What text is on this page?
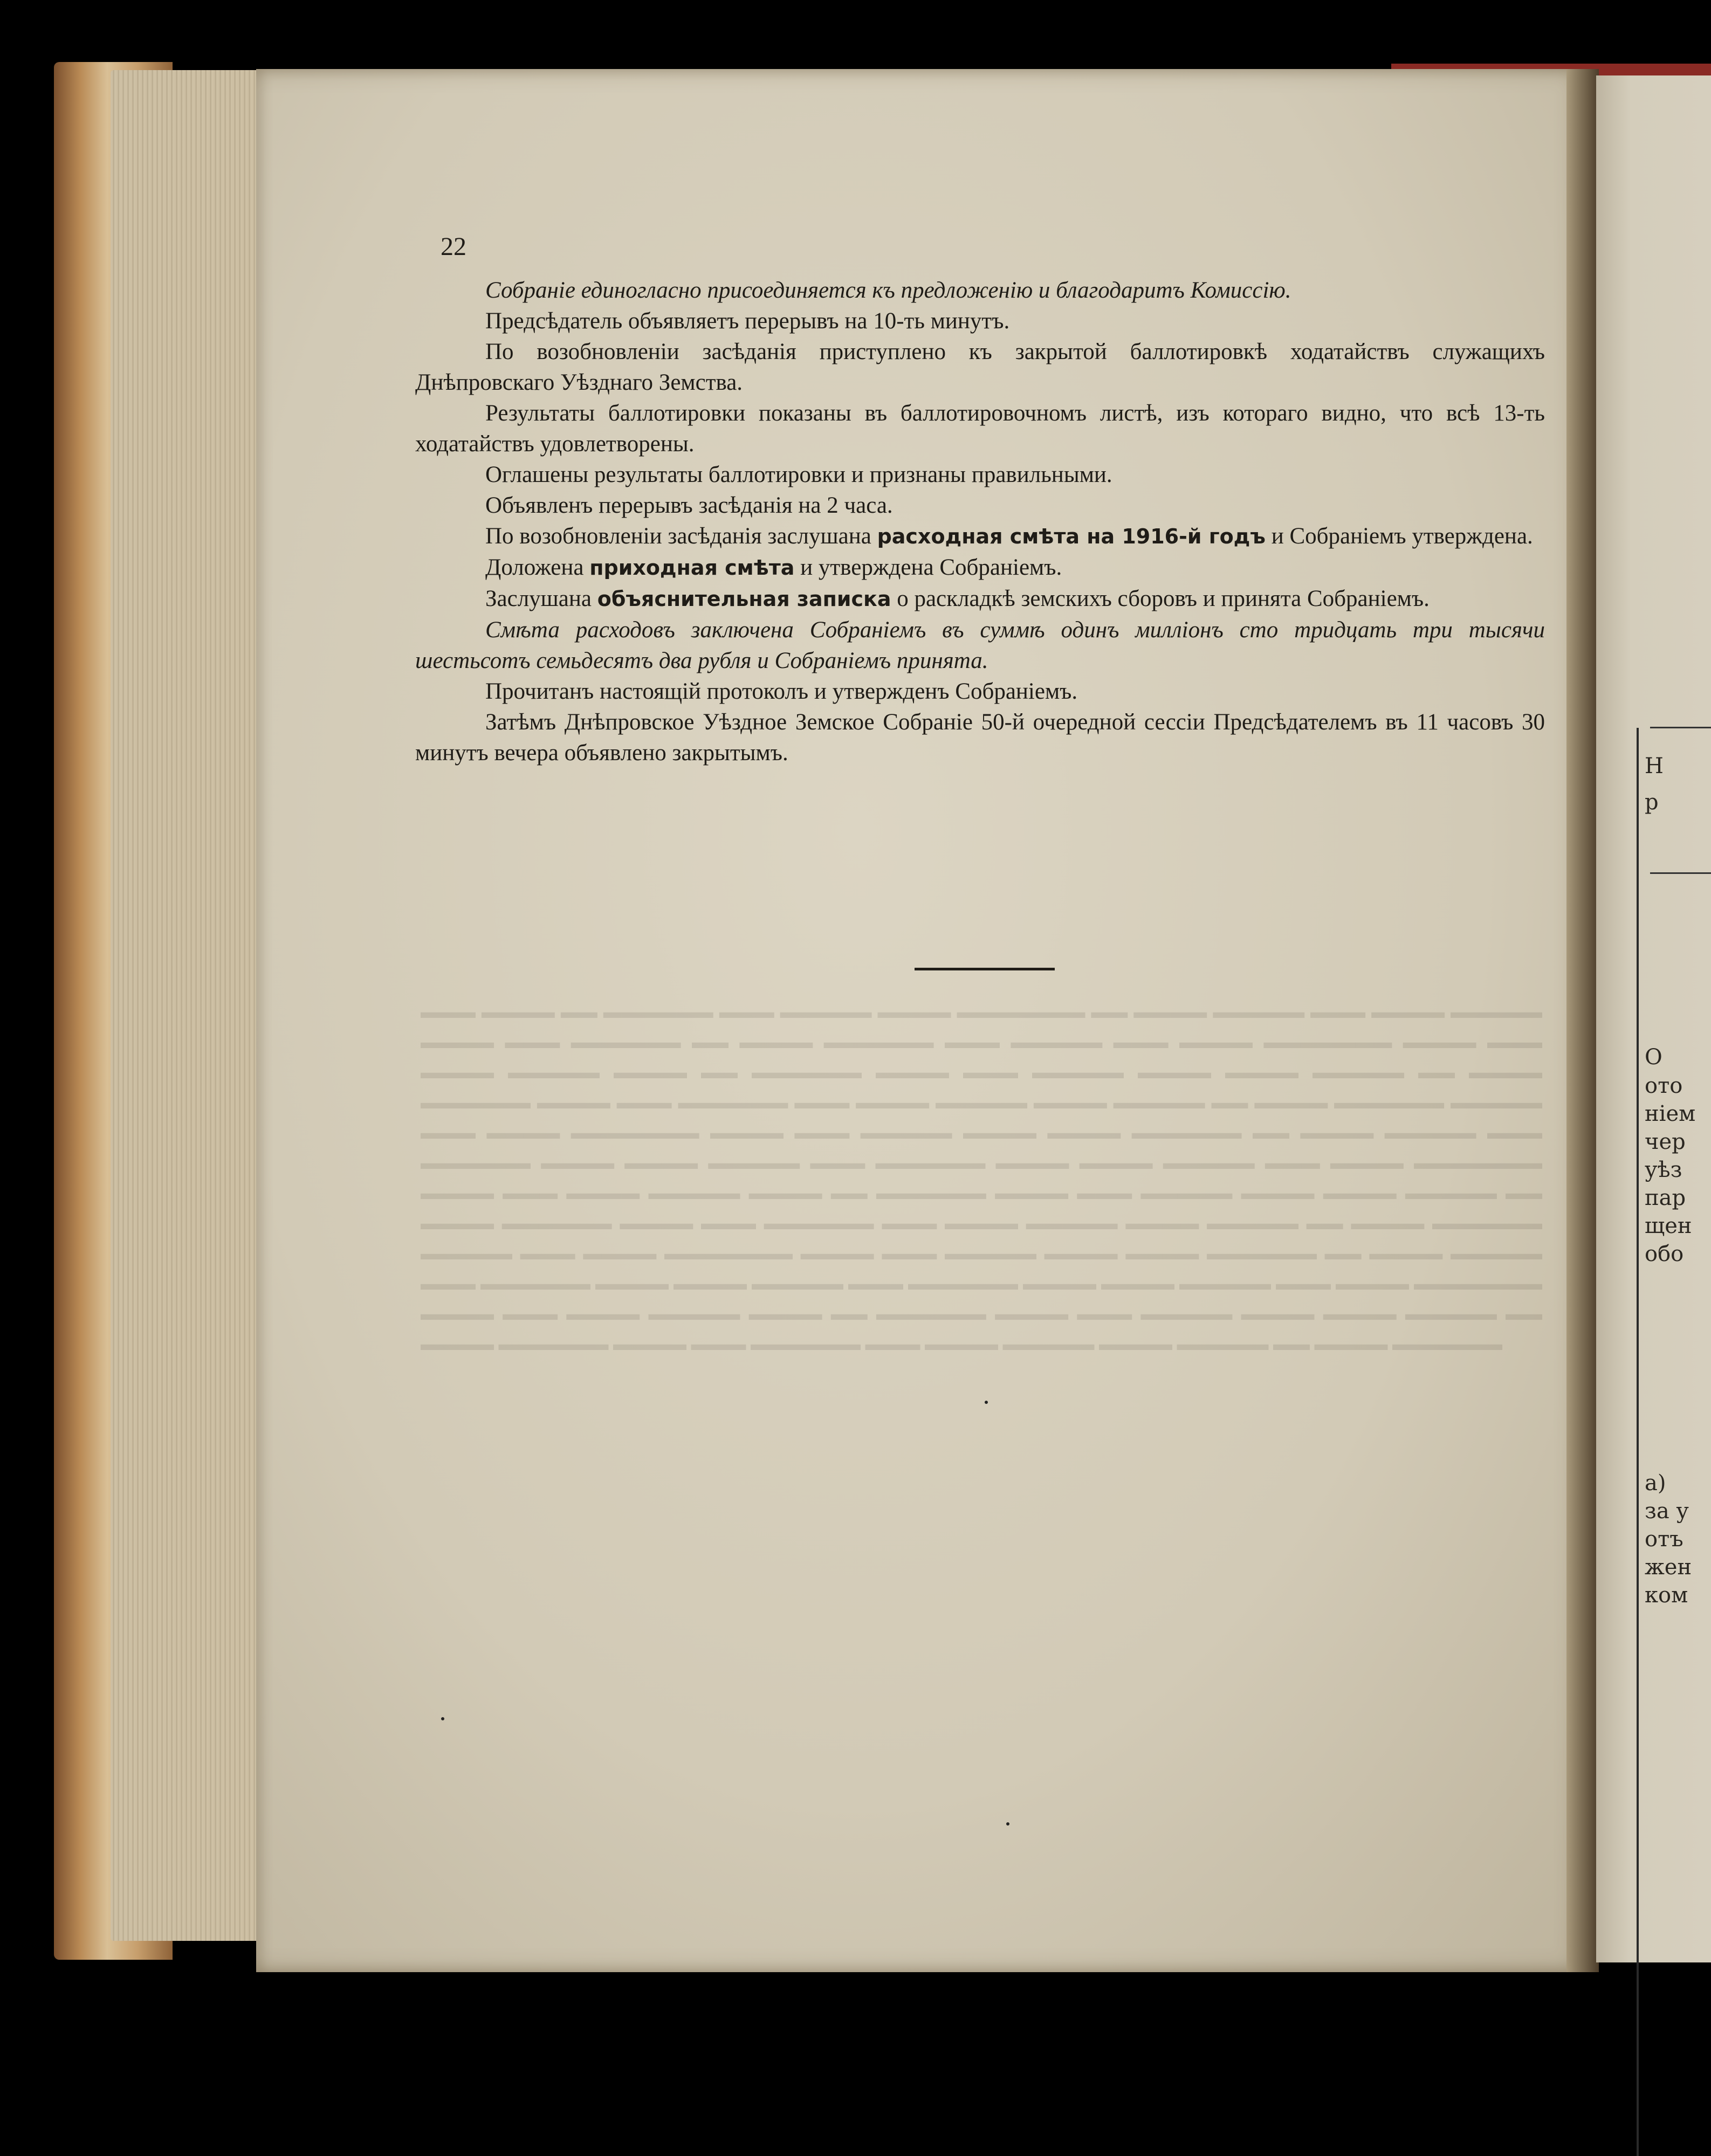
▬▬▬ ▬▬▬▬ ▬▬ ▬▬▬▬▬▬ ▬▬▬ ▬▬▬▬▬ ▬▬▬▬ ▬▬▬▬▬▬▬ ▬▬ ▬▬▬▬ ▬▬▬▬▬ ▬▬▬ ▬▬▬▬ ▬▬▬▬▬ ▬▬▬▬ ▬▬▬ ▬▬▬▬▬▬ ▬▬ ▬▬▬▬ ▬▬▬▬▬▬ ▬▬▬ ▬▬▬▬▬ ▬▬▬ ▬▬▬▬ ▬▬▬▬▬▬▬ ▬▬▬▬ ▬▬▬ ▬▬▬▬ ▬▬▬▬▬ ▬▬▬▬ ▬▬ ▬▬▬▬▬▬ ▬▬▬▬ ▬▬▬ ▬▬▬▬▬ ▬▬▬▬ ▬▬▬▬ ▬▬▬▬▬ ▬▬ ▬▬▬▬ ▬▬▬▬▬▬ ▬▬▬▬ ▬▬▬ ▬▬▬▬▬▬ ▬▬▬ ▬▬▬▬ ▬▬▬▬▬ ▬▬▬▬ ▬▬▬▬▬ ▬▬ ▬▬▬▬ ▬▬▬▬▬▬ ▬▬▬▬▬ ▬▬▬ ▬▬▬▬ ▬▬▬▬▬▬▬ ▬▬▬▬ ▬▬▬ ▬▬▬▬▬ ▬▬▬▬ ▬▬▬▬ ▬▬▬▬▬▬ ▬▬ ▬▬▬▬ ▬▬▬▬▬ ▬▬▬ ▬▬▬▬▬▬ ▬▬▬▬ ▬▬▬▬ ▬▬▬▬▬ ▬▬▬ ▬▬▬▬▬▬ ▬▬▬▬ ▬▬▬▬ ▬▬▬▬▬ ▬▬▬ ▬▬▬▬ ▬▬▬▬▬▬▬ ▬▬▬▬ ▬▬▬ ▬▬▬▬ ▬▬▬▬▬ ▬▬▬▬ ▬▬ ▬▬▬▬▬▬ ▬▬▬▬ ▬▬▬ ▬▬▬▬▬ ▬▬▬▬ ▬▬▬▬ ▬▬▬▬▬ ▬▬ ▬▬▬▬ ▬▬▬▬▬▬ ▬▬▬▬ ▬▬▬ ▬▬▬▬▬▬ ▬▬▬ ▬▬▬▬ ▬▬▬▬▬ ▬▬▬▬ ▬▬▬▬▬ ▬▬ ▬▬▬▬ ▬▬▬▬▬▬ ▬▬▬▬▬ ▬▬▬ ▬▬▬▬ ▬▬▬▬▬▬▬ ▬▬▬▬ ▬▬▬ ▬▬▬▬▬ ▬▬▬▬ ▬▬▬▬ ▬▬▬▬▬▬ ▬▬ ▬▬▬▬ ▬▬▬▬▬ ▬▬▬ ▬▬▬▬▬▬ ▬▬▬▬ ▬▬▬▬ ▬▬▬▬▬ ▬▬▬ ▬▬▬▬▬▬ ▬▬▬▬ ▬▬▬▬ ▬▬▬▬▬ ▬▬▬ ▬▬▬▬ ▬▬▬▬▬▬▬ ▬▬▬▬ ▬▬▬ ▬▬▬▬ ▬▬▬▬▬ ▬▬▬▬ ▬▬ ▬▬▬▬▬▬ ▬▬▬▬ ▬▬▬ ▬▬▬▬▬ ▬▬▬▬ ▬▬▬▬ ▬▬▬▬▬ ▬▬ ▬▬▬▬ ▬▬▬▬▬▬ ▬▬▬▬ ▬▬▬ ▬▬▬▬▬▬ ▬▬▬ ▬▬▬▬ ▬▬▬▬▬ ▬▬▬▬ ▬▬▬▬▬ ▬▬ ▬▬▬▬ ▬▬▬▬▬▬
22

Собраніе единогласно присоединяется къ предложенію и благодаритъ Комиссію.

Предсѣдатель объявляетъ перерывъ на 10-ть минутъ.

По возобновленіи засѣданія приступлено къ закрытой баллотировкѣ ходатайствъ служащихъ Днѣпровскаго Уѣзднаго Земства.

Результаты баллотировки показаны въ баллотировочномъ листѣ, изъ котораго видно, что всѣ 13-ть ходатайствъ удовлетворены.

Оглашены результаты баллотировки и признаны правильными.

Объявленъ перерывъ засѣданія на 2 часа.

По возобновленіи засѣданія заслушана расходная смѣта на 1916-й годъ и Собраніемъ утверждена.

Доложена приходная смѣта и утверждена Собраніемъ.

Заслушана объяснительная записка о раскладкѣ земскихъ сборовъ и принята Собраніемъ.

Смѣта расходовъ заключена Собраніемъ въ суммѣ одинъ милліонъ сто тридцать три тысячи шестьсотъ семьдесятъ два рубля и Собраніемъ принята.

Прочитанъ настоящій протоколъ и утвержденъ Собраніемъ.

Затѣмъ Днѣпровское Уѣздное Земское Собраніе 50-й очередной сессіи Предсѣдателемъ въ 11 часовъ 30 минутъ вечера объявлено закрытымъ.

Н
р
О
ото
ніем
чер
уѣз
пар
щен
обо
а)
за у
отъ
жен
ком
